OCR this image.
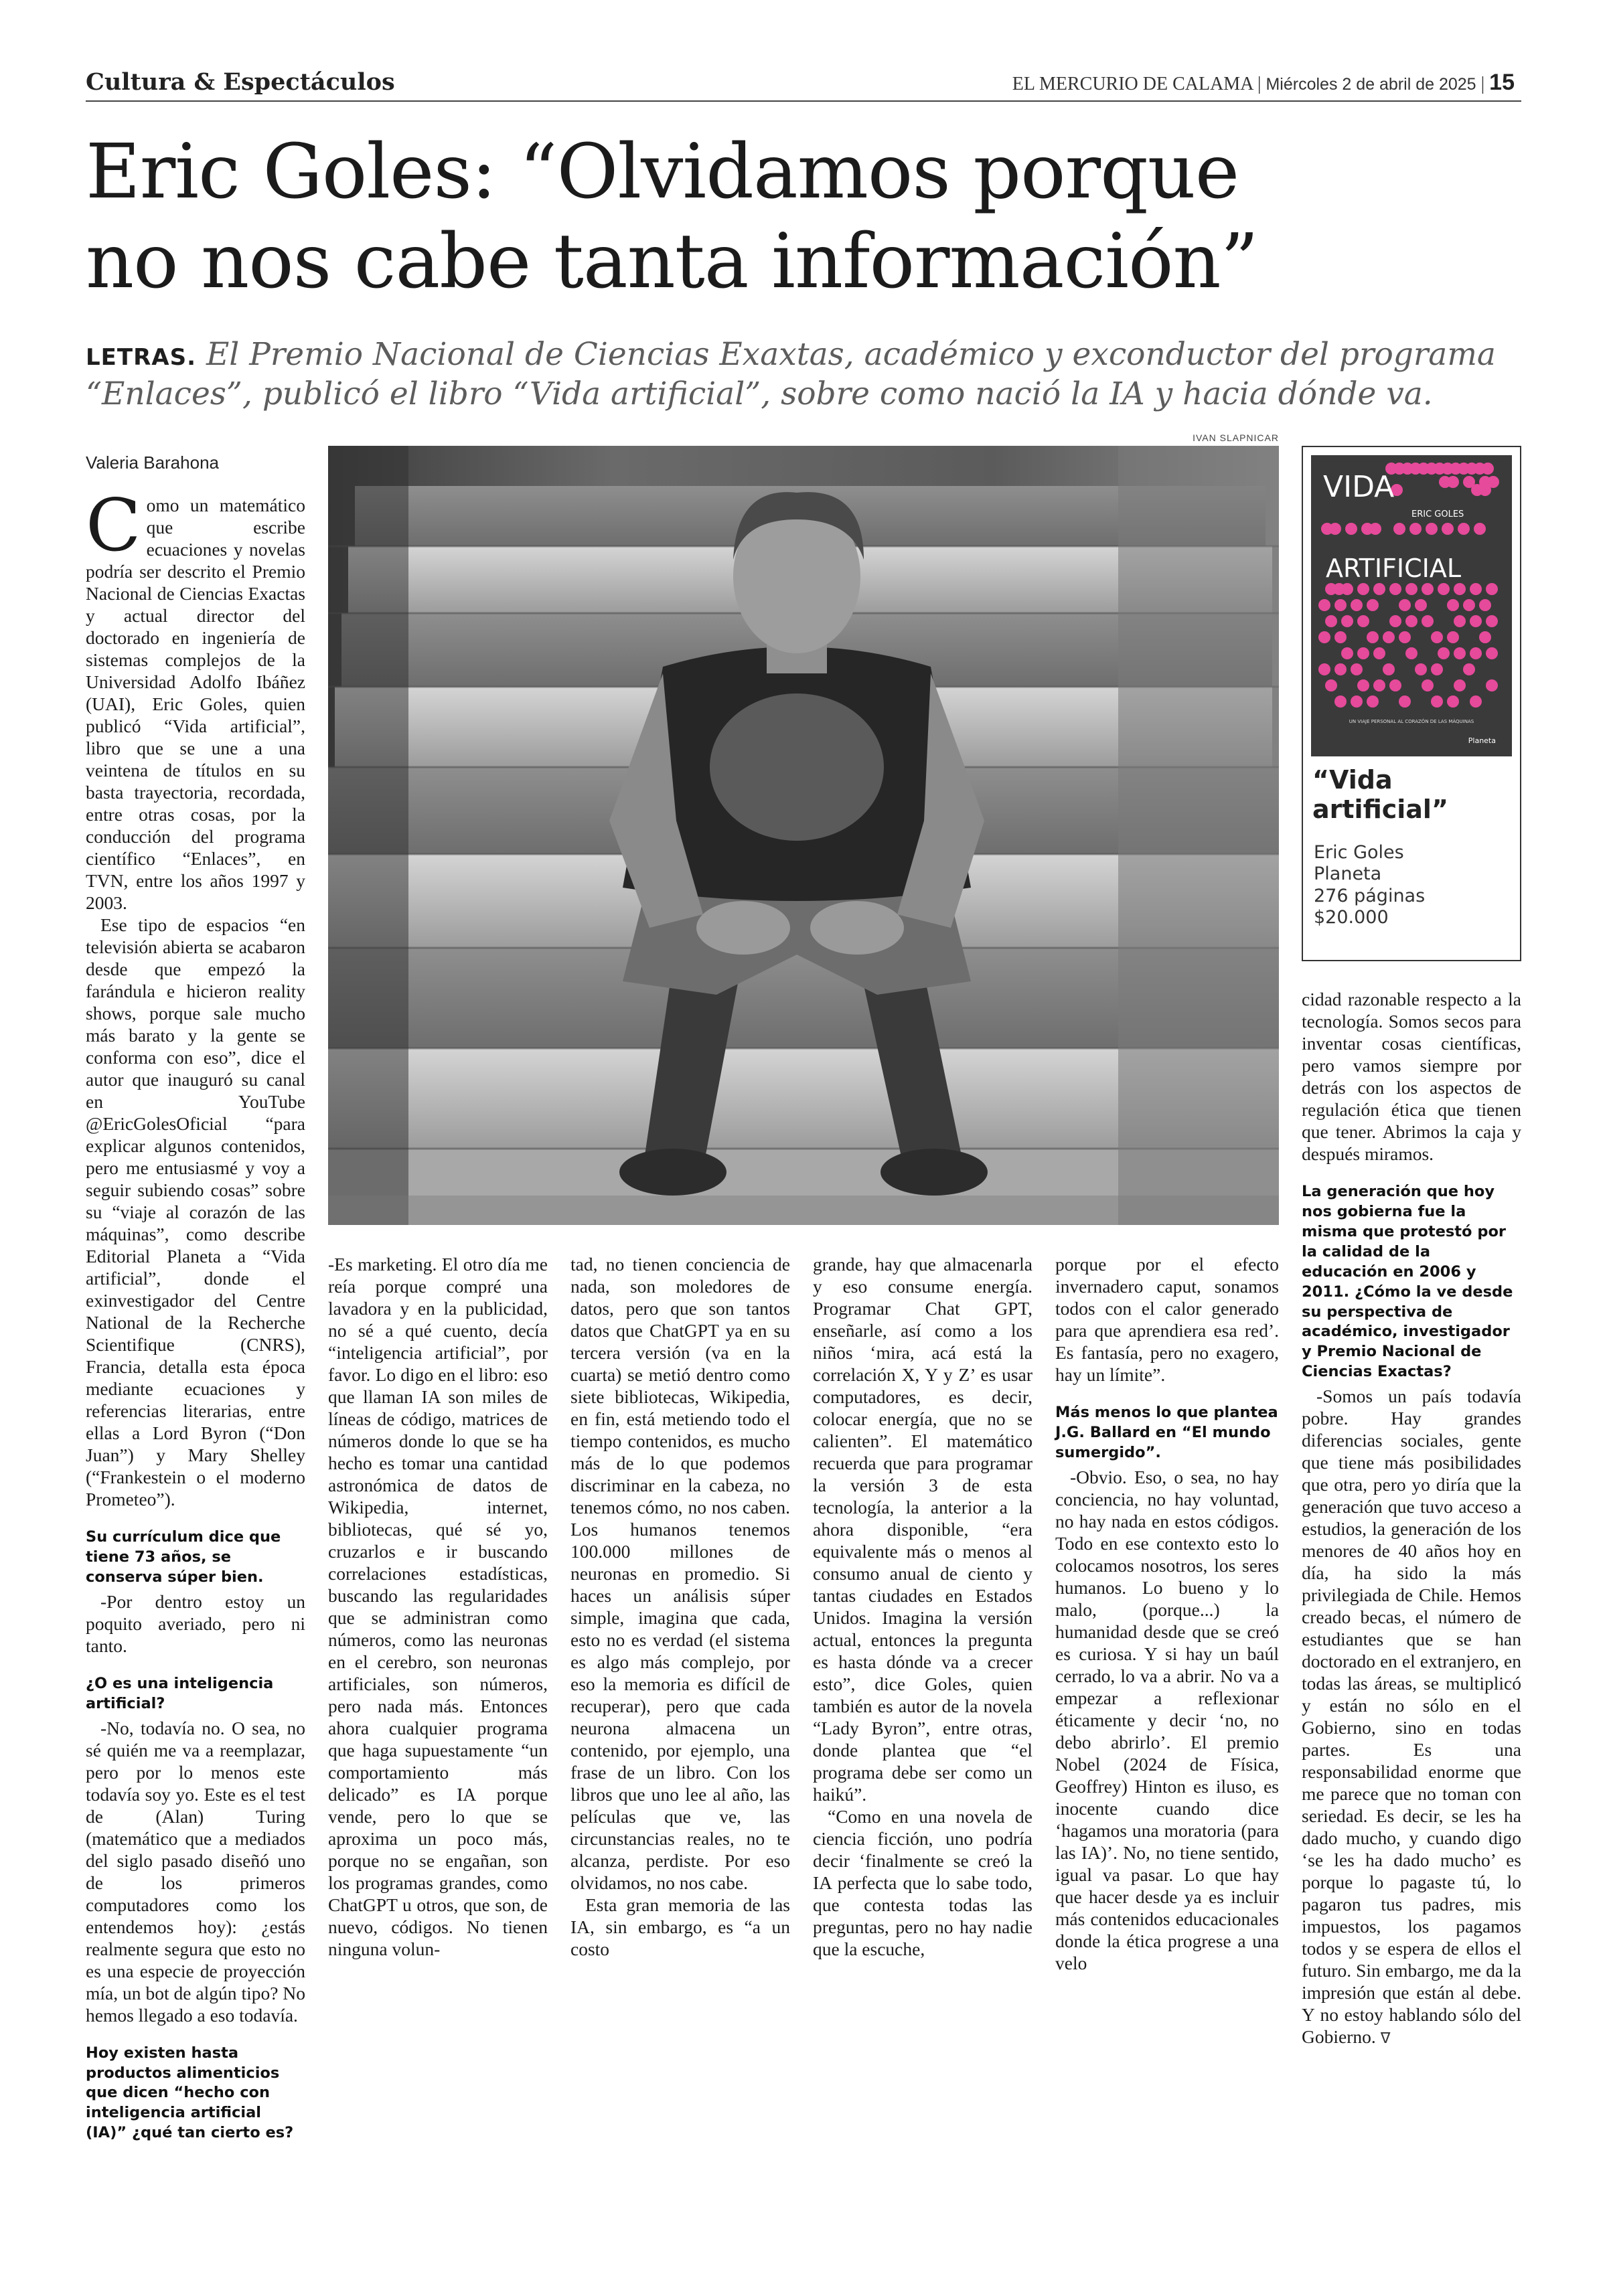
Cultura & Espectáculos	EL MERCURIO DE CALAMA | Miércoles 2 de abril de 2025 | 15
Eric Goles: “Olvidamos porque
no nos cabe tanta información”

LETRAS. El Premio Nacional de Ciencias Exaxtas, académico y exconductor del programa “Enlaces”, publicó el libro “Vida artificial”, sobre como nació la IA y hacia dónde va.

Valeria Barahona
IVAN SLAPNICAR
VIDA
ERIC GOLES
ARTIFICIAL
UN VIAJE PERSONAL AL CORAZÓN DE LAS MÁQUINAS
Planeta
“Vida artificial”
Eric Goles
Planeta
276 páginas
$20.000

Como un matemático que escribe ecuaciones y novelas podría ser descrito el Premio Nacional de Ciencias Exactas y actual director del doctorado en ingeniería de sistemas complejos de la Universidad Adolfo Ibáñez (UAI), Eric Goles, quien publicó “Vida artificial”, libro que se une a una veintena de títulos en su basta trayectoria, recordada, entre otras cosas, por la conducción del programa científico “Enlaces”, en TVN, entre los años 1997 y 2003.

Ese tipo de espacios “en televisión abierta se acabaron desde que empezó la farándula e hicieron reality shows, porque sale mucho más barato y la gente se conforma con eso”, dice el autor que inauguró su canal en YouTube @EricGolesOficial “para explicar algunos contenidos, pero me entusiasmé y voy a seguir subiendo cosas” sobre su “viaje al corazón de las máquinas”, como describe Editorial Planeta a “Vida artificial”, donde el exinvestigador del Centre National de la Recherche Scientifique (CNRS), Francia, detalla esta época mediante ecuaciones y referencias literarias, entre ellas a Lord Byron (“Don Juan”) y Mary Shelley (“Frankestein o el moderno Prometeo”).

Su currículum dice que tiene 73 años, se conserva súper bien.

-Por dentro estoy un poquito averiado, pero ni tanto.

¿O es una inteligencia artificial?

-No, todavía no. O sea, no sé quién me va a reemplazar, pero por lo menos este todavía soy yo. Este es el test de (Alan) Turing (matemático que a mediados del siglo pasado diseñó uno de los primeros computadores como los entendemos hoy): ¿estás realmente segura que esto no es una especie de proyección mía, un bot de algún tipo? No hemos llegado a eso todavía.

Hoy existen hasta productos alimenticios que dicen “hecho con inteligencia artificial (IA)” ¿qué tan cierto es?

-Es marketing. El otro día me reía porque compré una lavadora y en la publicidad, no sé a qué cuento, decía “inteligencia artificial”, por favor. Lo digo en el libro: eso que llaman IA son miles de líneas de código, matrices de números donde lo que se ha hecho es tomar una cantidad astronómica de datos de Wikipedia, internet, bibliotecas, qué sé yo, cruzarlos e ir buscando correlaciones estadísticas, buscando las regularidades que se administran como números, como las neuronas en el cerebro, son neuronas artificiales, son números, pero nada más. Entonces ahora cualquier programa que haga supuestamente “un comportamiento más delicado” es IA porque vende, pero lo que se aproxima un poco más, porque no se engañan, son los programas grandes, como ChatGPT u otros, que son, de nuevo, códigos. No tienen ninguna volun-

tad, no tienen conciencia de nada, son moledores de datos, pero que son tantos datos que ChatGPT ya en su tercera versión (va en la cuarta) se metió dentro como siete bibliotecas, Wikipedia, en fin, está metiendo todo el tiempo contenidos, es mucho más de lo que podemos discriminar en la cabeza, no tenemos cómo, no nos caben. Los humanos tenemos 100.000 millones de neuronas en promedio. Si haces un análisis súper simple, imagina que cada, esto no es verdad (el sistema es algo más complejo, por eso la memoria es difícil de recuperar), pero que cada neurona almacena un contenido, por ejemplo, una frase de un libro. Con los libros que uno lee al año, las películas que ve, las circunstancias reales, no te alcanza, perdiste. Por eso olvidamos, no nos cabe.

Esta gran memoria de las IA, sin embargo, es “a un costo

grande, hay que almacenarla y eso consume energía. Programar Chat GPT, enseñarle, así como a los niños ‘mira, acá está la correlación X, Y y Z’ es usar computadores, es decir, colocar energía, que no se calienten”. El matemático recuerda que para programar la versión 3 de esta tecnología, la anterior a la ahora disponible, “era equivalente más o menos al consumo anual de ciento y tantas ciudades en Estados Unidos. Imagina la versión actual, entonces la pregunta es hasta dónde va a crecer esto”, dice Goles, quien también es autor de la novela “Lady Byron”, entre otras, donde plantea que “el programa debe ser como un haikú”.

“Como en una novela de ciencia ficción, uno podría decir ‘finalmente se creó la IA perfecta que lo sabe todo, que contesta todas las preguntas, pero no hay nadie que la escuche,

porque por el efecto invernadero caput, sonamos todos con el calor generado para que aprendiera esa red’. Es fantasía, pero no exagero, hay un límite”.

Más menos lo que plantea J.G. Ballard en “El mundo sumergido”.

-Obvio. Eso, o sea, no hay conciencia, no hay voluntad, no hay nada en estos códigos. Todo en ese contexto esto lo colocamos nosotros, los seres humanos. Lo bueno y lo malo, (porque...) la humanidad desde que se creó es curiosa. Y si hay un baúl cerrado, lo va a abrir. No va a empezar a reflexionar éticamente y decir ‘no, no debo abrirlo’. El premio Nobel (2024 de Física, Geoffrey) Hinton es iluso, es inocente cuando dice ‘hagamos una moratoria (para las IA)’. No, no tiene sentido, igual va pasar. Lo que hay que hacer desde ya es incluir más contenidos educacionales donde la ética progrese a una velo

cidad razonable respecto a la tecnología. Somos secos para inventar cosas científicas, pero vamos siempre por detrás con los aspectos de regulación ética que tienen que tener. Abrimos la caja y después miramos.

La generación que hoy nos gobierna fue la misma que protestó por la calidad de la educación en 2006 y 2011. ¿Cómo la ve desde su perspectiva de académico, investigador y Premio Nacional de Ciencias Exactas?

-Somos un país todavía pobre. Hay grandes diferencias sociales, gente que tiene más posibilidades que otra, pero yo diría que la generación que tuvo acceso a estudios, la generación de los menores de 40 años hoy en día, ha sido la más privilegiada de Chile. Hemos creado becas, el número de estudiantes que se han doctorado en el extranjero, en todas las áreas, se multiplicó y están no sólo en el Gobierno, sino en todas partes. Es una responsabilidad enorme que me parece que no toman con seriedad. Es decir, se les ha dado mucho, y cuando digo ‘se les ha dado mucho’ es porque lo pagaste tú, lo pagaron tus padres, mis impuestos, los pagamos todos y se espera de ellos el futuro. Sin embargo, me da la impresión que están al debe. Y no estoy hablando sólo del Gobierno. ᐁ
